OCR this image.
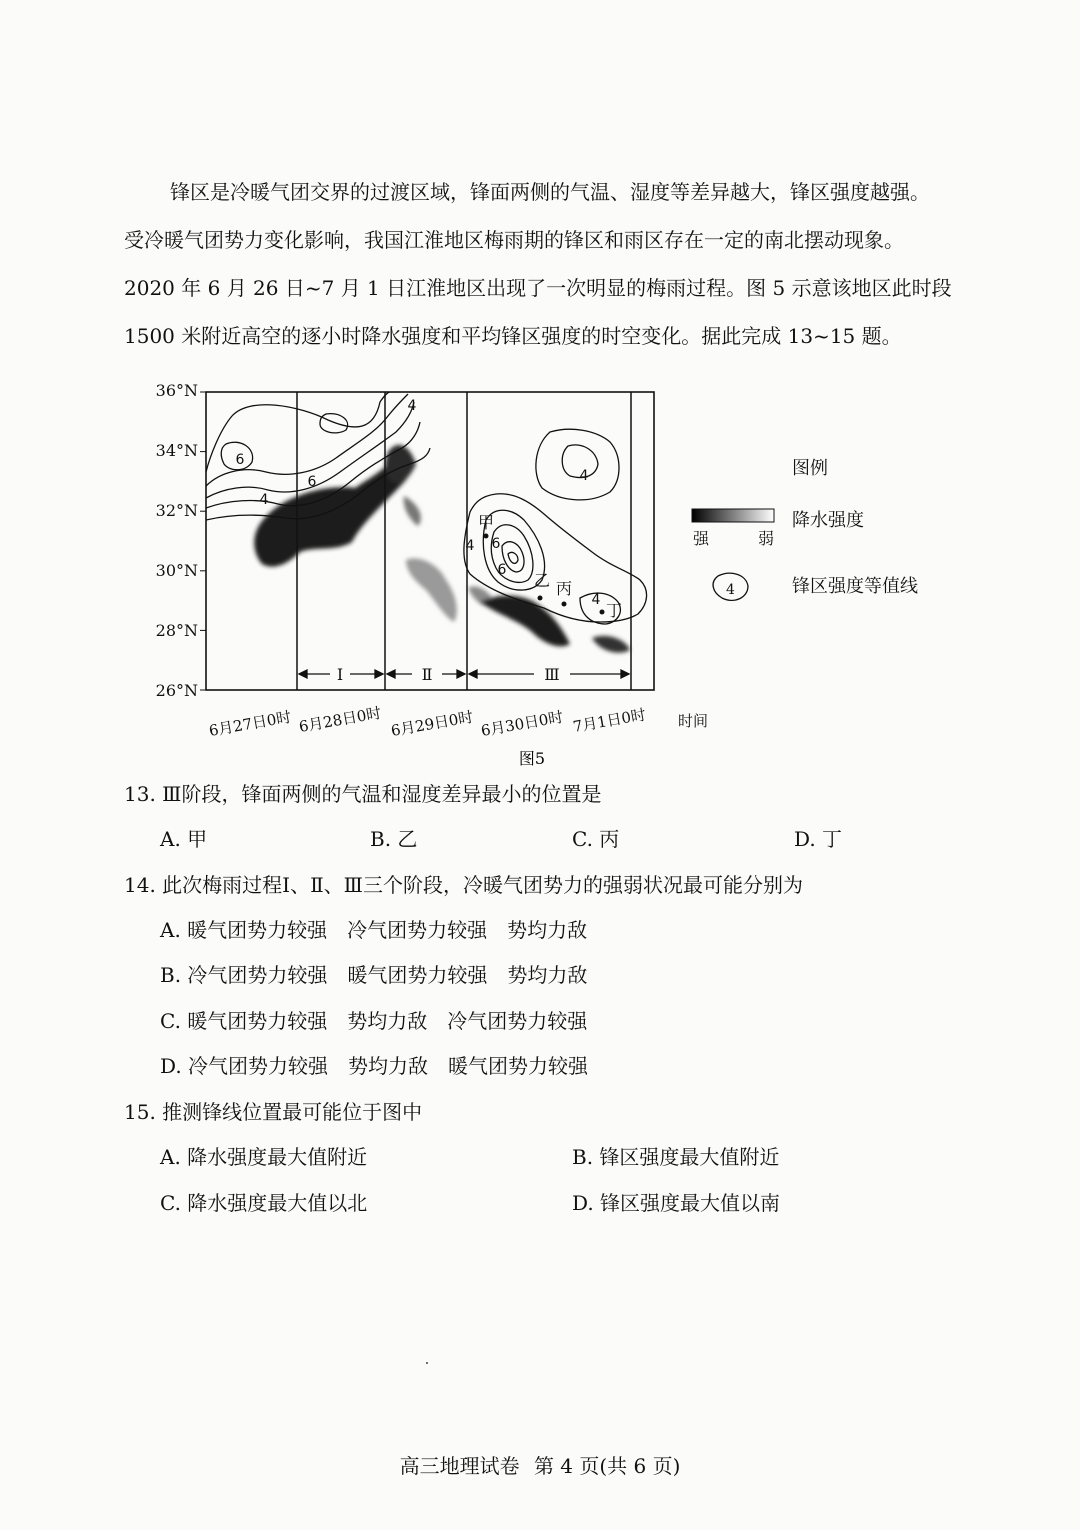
锋区是冷暖气团交界的过渡区域，锋面两侧的气温、湿度等差异越大，锋区强度越强。

受冷暖气团势力变化影响，我国江淮地区梅雨期的锋区和雨区存在一定的南北摆动现象。

2020 年 6 月 26 日~7 月 1 日江淮地区出现了一次明显的梅雨过程。图 5 示意该地区此时段

1500 米附近高空的逐小时降水强度和平均锋区强度的时空变化。据此完成 13~15 题。

4
6
6
6
4
4
6
4
4
甲
乙 丙
丁
Ⅰ	Ⅱ	Ⅲ
36°N
34°N
32°N
30°N
28°N
26°N
6月27日0时 6月28日0时 6月29日0时 6月30日0时 7月1日0时 时间
图5
图例
降水强度
强	弱
4	锋区强度等值线
13. Ⅲ阶段，锋面两侧的气温和湿度差异最小的位置是
A. 甲	B. 乙	C. 丙	D. 丁
14. 此次梅雨过程Ⅰ、Ⅱ、Ⅲ三个阶段，冷暖气团势力的强弱状况最可能分别为
A. 暖气团势力较强　冷气团势力较强　势均力敌
B. 冷气团势力较强　暖气团势力较强　势均力敌
C. 暖气团势力较强　势均力敌　冷气团势力较强
D. 冷气团势力较强　势均力敌　暖气团势力较强
15. 推测锋线位置最可能位于图中
A. 降水强度最大值附近	B. 锋区强度最大值附近
C. 降水强度最大值以北	D. 锋区强度最大值以南
高三地理试卷 第 4 页(共 6 页)
